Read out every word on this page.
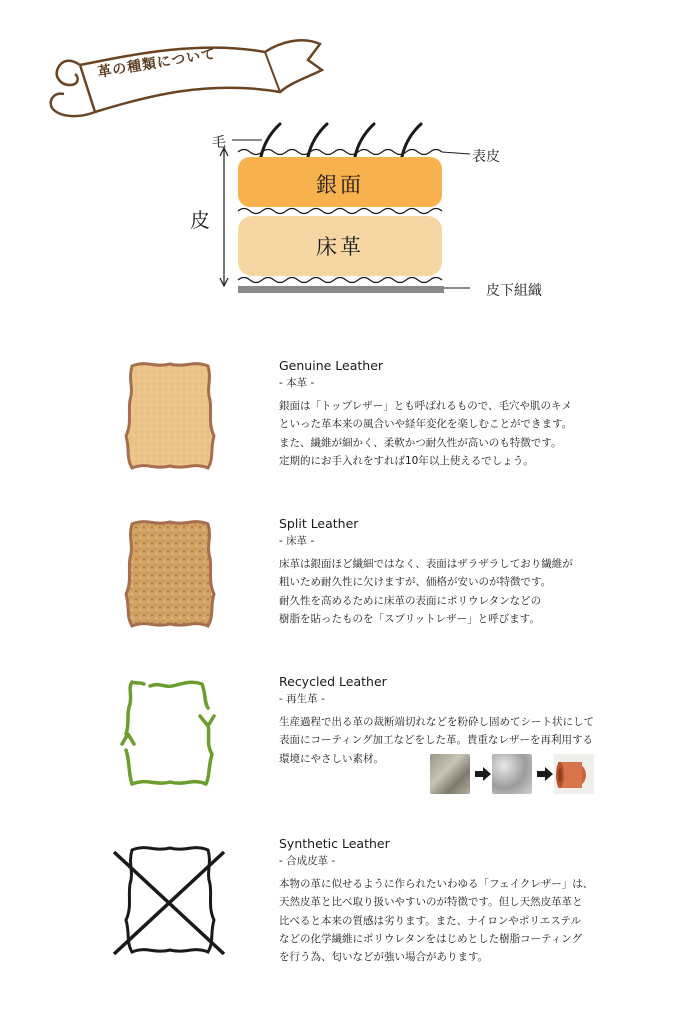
革の種類について
毛
皮
表皮
銀面
床革
皮下組織
Genuine Leather
- 本革 -
銀面は「トップレザー」とも呼ばれるもので、毛穴や肌のキメ
といった革本来の風合いや経年変化を楽しむことができます。
また、繊維が細かく、柔軟かつ耐久性が高いのも特徴です。
定期的にお手入れをすれば10年以上使えるでしょう。
Split Leather
- 床革 -
床革は銀面ほど繊細ではなく、表面はザラザラしており繊維が
粗いため耐久性に欠けますが、価格が安いのが特徴です。
耐久性を高めるために床革の表面にポリウレタンなどの
樹脂を貼ったものを「スプリットレザー」と呼びます。
Recycled Leather
- 再生革 -
生産過程で出る革の裁断端切れなどを粉砕し固めてシート状にして
表面にコーティング加工などをした革。貴重なレザーを再利用する
環境にやさしい素材。
Synthetic Leather
- 合成皮革 -
本物の革に似せるように作られたいわゆる「フェイクレザー」は、
天然皮革と比べ取り扱いやすいのが特徴です。但し天然皮革革と
比べると本来の質感は劣ります。また、ナイロンやポリエステル
などの化学繊維にポリウレタンをはじめとした樹脂コーティング
を行う為、匂いなどが強い場合があります。
